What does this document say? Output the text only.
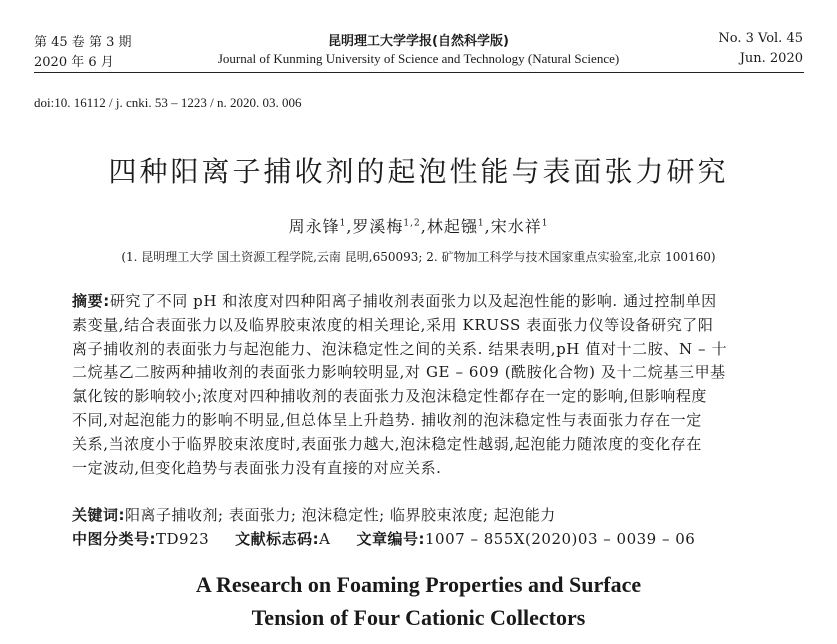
第 45 卷 第 3 期
2020 年 6 月
昆明理工大学学报(自然科学版)
Journal of Kunming University of Science and Technology (Natural Science)
No. 3 Vol. 45
Jun. 2020
doi:10. 16112 / j. cnki. 53 – 1223 / n. 2020. 03. 006
四种阳离子捕收剂的起泡性能与表面张力研究
周永锋$^1$,罗溪梅$^{1,2}$,林起镪$^1$,宋水祥$^1$
(1. 昆明理工大学 国土资源工程学院,云南 昆明,650093; 2. 矿物加工科学与技术国家重点实验室,北京 100160)
摘要:研究了不同 pH 和浓度对四种阳离子捕收剂表面张力以及起泡性能的影响. 通过控制单因
素变量,结合表面张力以及临界胶束浓度的相关理论,采用 KRUSS 表面张力仪等设备研究了阳
离子捕收剂的表面张力与起泡能力、泡沫稳定性之间的关系. 结果表明,pH 值对十二胺、N – 十
二烷基乙二胺两种捕收剂的表面张力影响较明显,对 GE – 609 (酰胺化合物) 及十二烷基三甲基
氯化铵的影响较小;浓度对四种捕收剂的表面张力及泡沫稳定性都存在一定的影响,但影响程度
不同,对起泡能力的影响不明显,但总体呈上升趋势. 捕收剂的泡沫稳定性与表面张力存在一定
关系,当浓度小于临界胶束浓度时,表面张力越大,泡沫稳定性越弱,起泡能力随浓度的变化存在
一定波动,但变化趋势与表面张力没有直接的对应关系.
关键词:阳离子捕收剂; 表面张力; 泡沫稳定性; 临界胶束浓度; 起泡能力
中图分类号:TD923 文献标志码:A 文章编号:1007 – 855X(2020)03 – 0039 – 06
A Research on Foaming Properties and Surface
Tension of Four Cationic Collectors
